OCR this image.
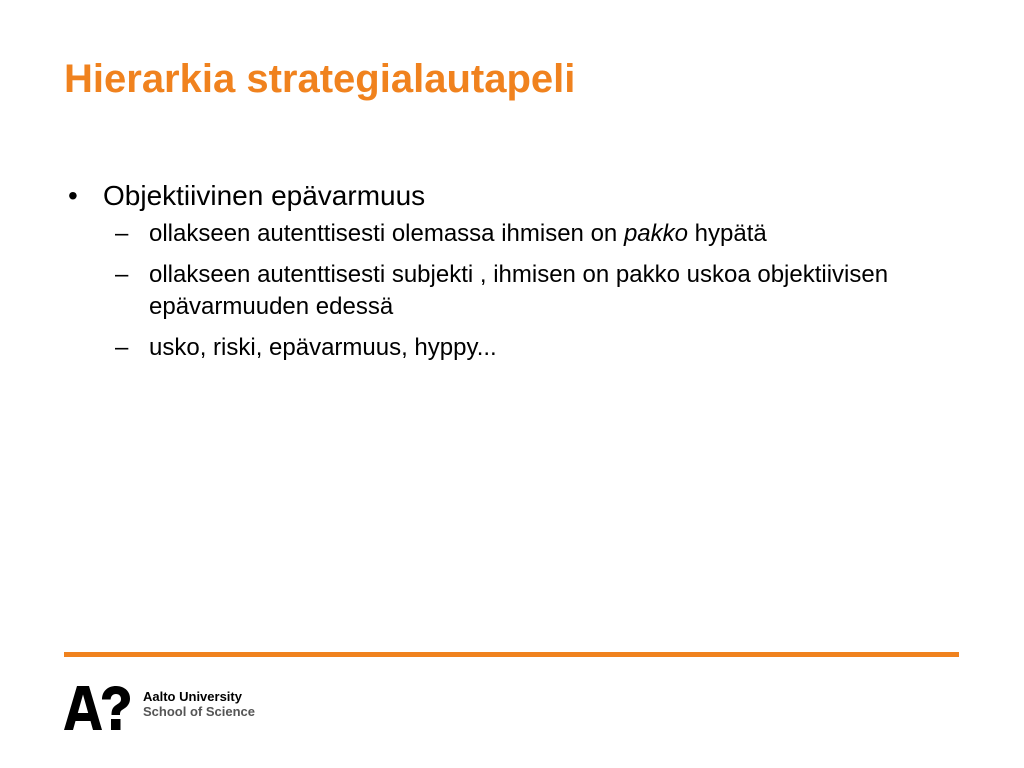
Hierarkia strategialautapeli
• Objektiivinen epävarmuus
– ollakseen autenttisesti olemassa ihmisen on pakko hypätä
– ollakseen autenttisesti subjekti , ihmisen on pakko uskoa objektiivisen epävarmuuden edessä
– usko, riski, epävarmuus, hyppy...
Aalto University
School of Science
